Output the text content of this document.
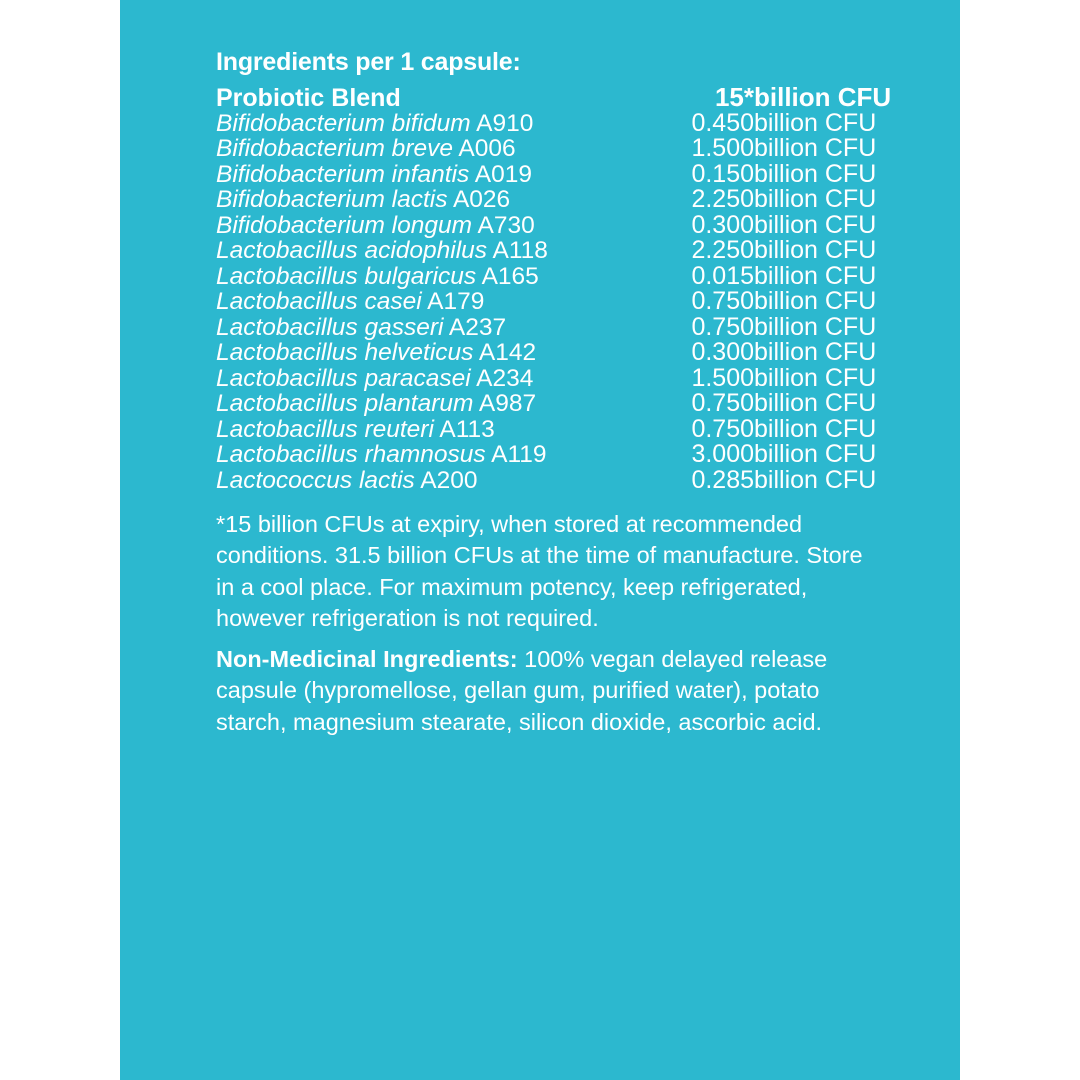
Ingredients per 1 capsule:
Probiotic Blend	15*	billion CFU
Bifidobacterium bifidum A910	0.450	billion CFU
Bifidobacterium breve A006	1.500	billion CFU
Bifidobacterium infantis A019	0.150	billion CFU
Bifidobacterium lactis A026	2.250	billion CFU
Bifidobacterium longum A730	0.300	billion CFU
Lactobacillus acidophilus A118	2.250	billion CFU
Lactobacillus bulgaricus A165	0.015	billion CFU
Lactobacillus casei A179	0.750	billion CFU
Lactobacillus gasseri A237	0.750	billion CFU
Lactobacillus helveticus A142	0.300	billion CFU
Lactobacillus paracasei A234	1.500	billion CFU
Lactobacillus plantarum A987	0.750	billion CFU
Lactobacillus reuteri A113	0.750	billion CFU
Lactobacillus rhamnosus A119	3.000	billion CFU
Lactococcus lactis A200	0.285	billion CFU
*15 billion CFUs at expiry, when stored at recommended conditions. 31.5 billion CFUs at the time of manufacture. Store in a cool place. For maximum potency, keep refrigerated, however refrigeration is not required.
Non-Medicinal Ingredients: 100% vegan delayed release capsule (hypromellose, gellan gum, purified water), potato starch, magnesium stearate, silicon dioxide, ascorbic acid.
